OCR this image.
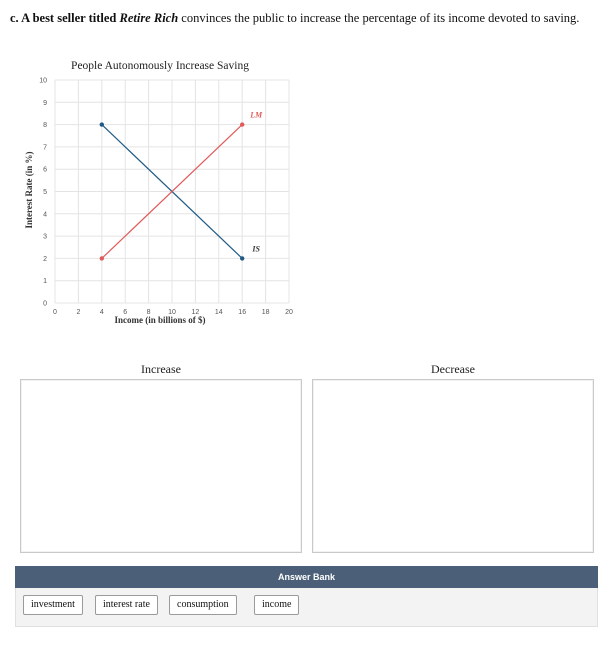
c. A best seller titled Retire Rich convinces the public to increase the percentage of its income devoted to saving.
People Autonomously Increase Saving
0	2	4	6	8	10 12 14 16 18 20
0
1
2
3
4
5
6
7
8
9
10
IS
LM
Income (in billions of $)
Interest Rate (in %)
Increase	Decrease
Answer Bank
investment	interest rate	consumption	income
